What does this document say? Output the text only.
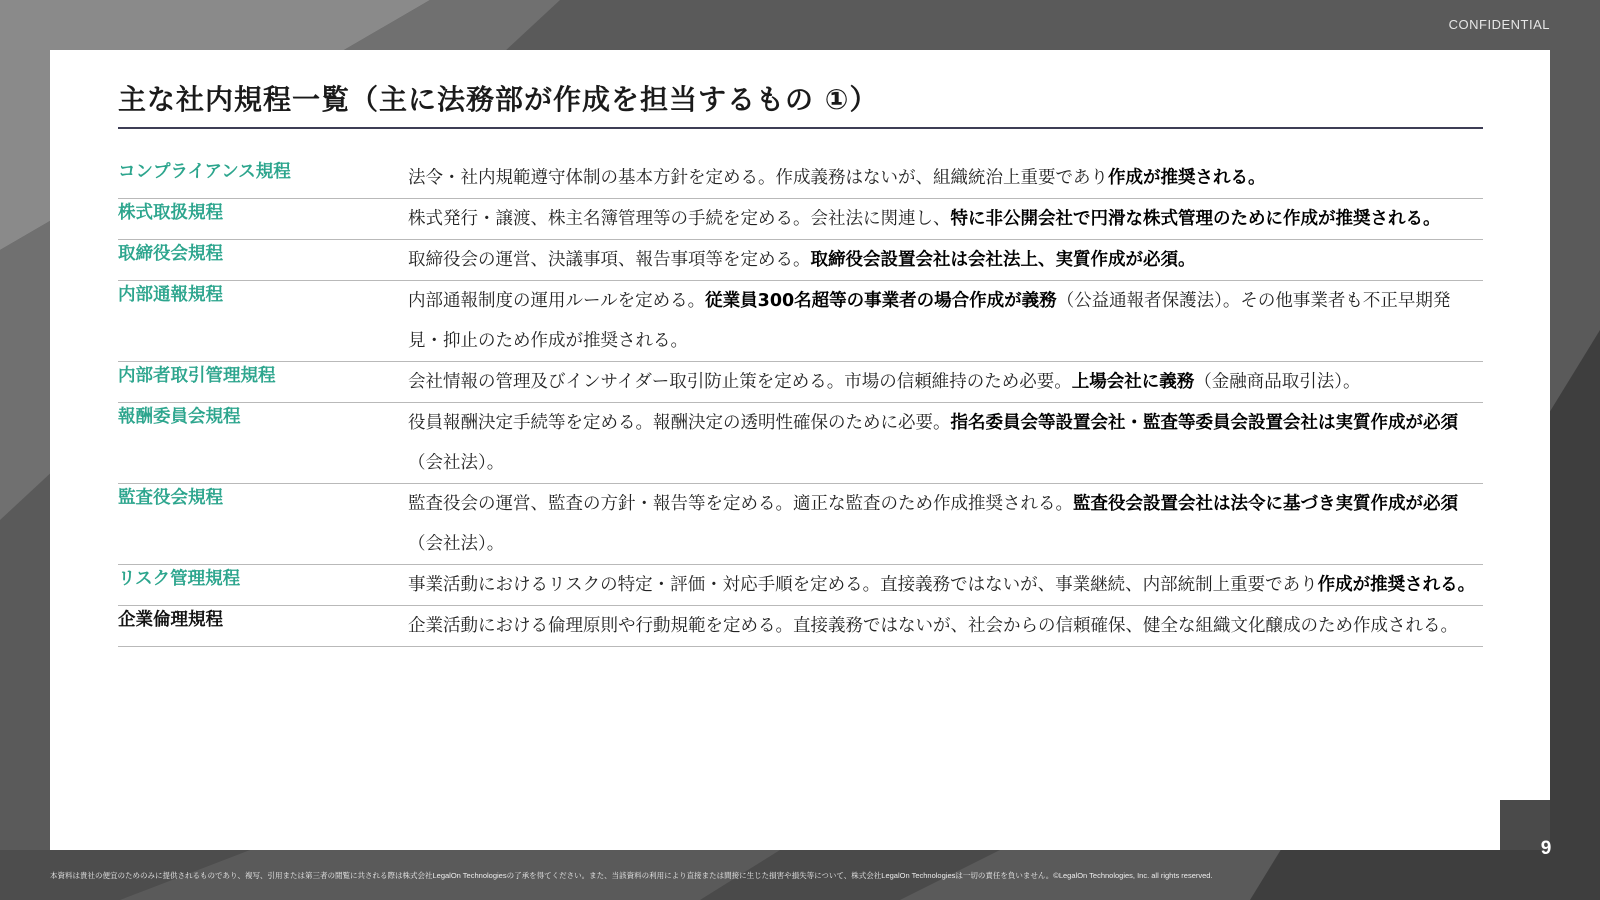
CONFIDENTIAL
9
主な社内規程一覧（主に法務部が作成を担当するもの ①）
コンプライアンス規程	法令・社内規範遵守体制の基本方針を定める。作成義務はないが、組織統治上重要であり作成が推奨される。
株式取扱規程	株式発行・譲渡、株主名簿管理等の手続を定める。会社法に関連し、特に非公開会社で円滑な株式管理のために作成が推奨される。
取締役会規程	取締役会の運営、決議事項、報告事項等を定める。取締役会設置会社は会社法上、実質作成が必須。
内部通報規程	内部通報制度の運用ルールを定める。従業員300名超等の事業者の場合作成が義務（公益通報者保護法）。その他事業者も不正早期発見・抑止のため作成が推奨される。
内部者取引管理規程	会社情報の管理及びインサイダー取引防止策を定める。市場の信頼維持のため必要。上場会社に義務（金融商品取引法）。
報酬委員会規程	役員報酬決定手続等を定める。報酬決定の透明性確保のために必要。指名委員会等設置会社・監査等委員会設置会社は実質作成が必須（会社法）。
監査役会規程	監査役会の運営、監査の方針・報告等を定める。適正な監査のため作成推奨される。監査役会設置会社は法令に基づき実質作成が必須（会社法）。
リスク管理規程	事業活動におけるリスクの特定・評価・対応手順を定める。直接義務ではないが、事業継続、内部統制上重要であり作成が推奨される。
企業倫理規程	企業活動における倫理原則や行動規範を定める。直接義務ではないが、社会からの信頼確保、健全な組織文化醸成のため作成される。
本資料は貴社の便宜のためのみに提供されるものであり、複写、引用または第三者の閲覧に共される際は株式会社LegalOn Technologiesの了承を得てください。また、当該資料の利用により直接または間接に生じた損害や損失等について、株式会社LegalOn Technologiesは一切の責任を負いません。©LegalOn Technologies, Inc. all rights reserved.
